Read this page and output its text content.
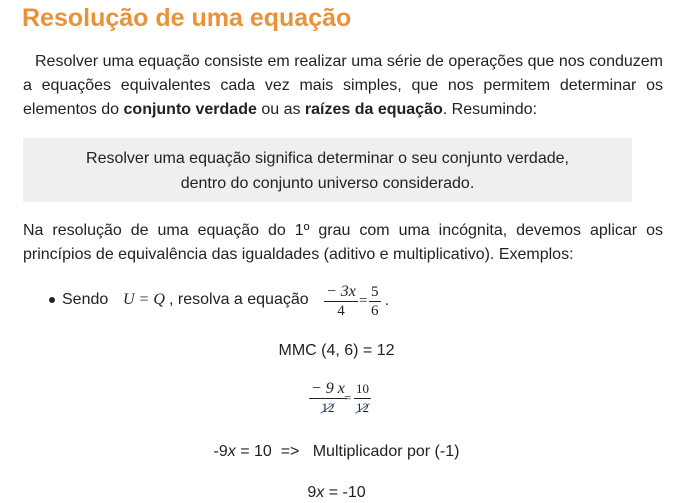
Resolução de uma equação

Resolver uma equação consiste em realizar uma série de operações que nos conduzem a equações equivalentes cada vez mais simples, que nos permitem determinar os elementos do conjunto verdade ou as raízes da equação. Resumindo:

Resolver uma equação significa determinar o seu conjunto verdade, dentro do conjunto universo considerado.

Na resolução de uma equação do 1º grau com uma incógnita, devemos aplicar os princípios de equivalência das igualdades (aditivo e multiplicativo). Exemplos:

Sendo U = Q , resolva a equação − 3x
4
=
5
6
.
MMC (4, 6) = 12
− 9 x
12
=
10
12
-9x = 10  =>   Multiplicador por (-1)
9x = -10
